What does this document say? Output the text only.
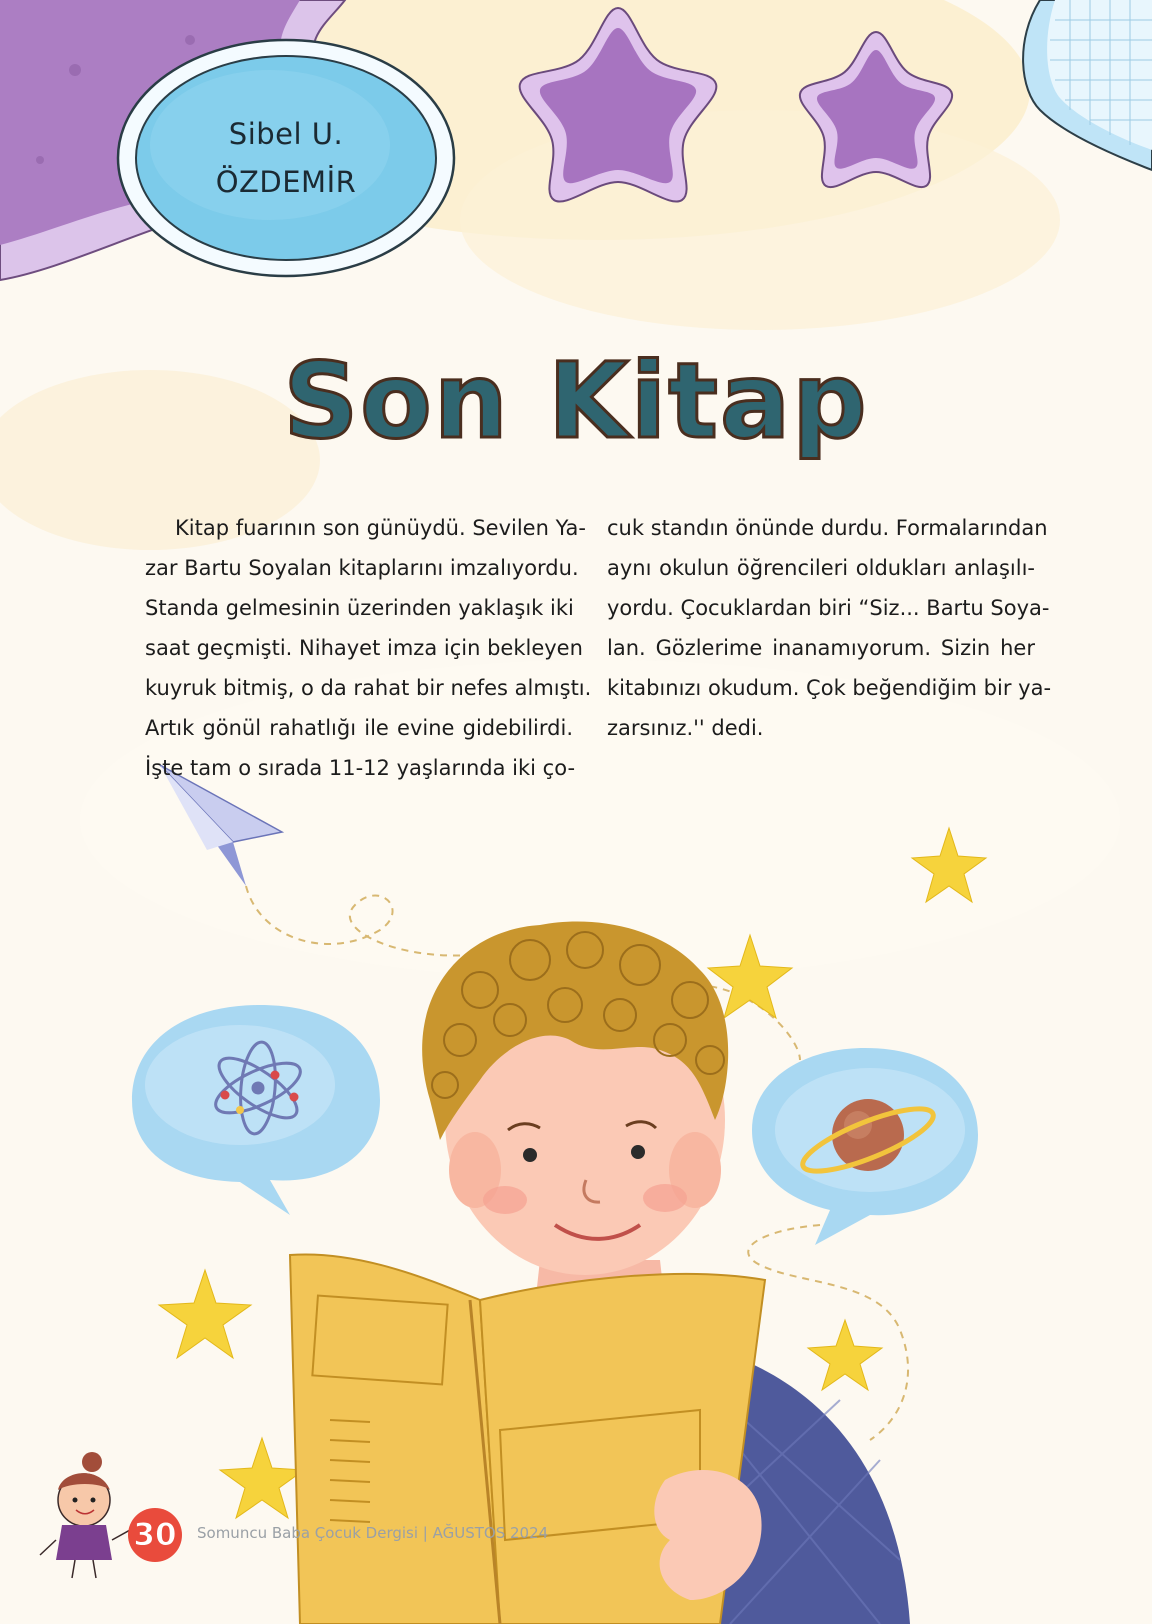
Sibel U.
ÖZDEMİR
Son Kitap

Kitap fuarının son günüydü. Sevilen Ya-

zar Bartu Soyalan kitaplarını imzalıyordu.

Standa gelmesinin üzerinden yaklaşık iki

saat geçmişti. Nihayet imza için bekleyen

kuyruk bitmiş, o da rahat bir nefes almıştı.

Artık gönül rahatlığı ile evine gidebilirdi.

İşte tam o sırada 11-12 yaşlarında iki ço-

cuk standın önünde durdu. Formalarından

aynı okulun öğrencileri oldukları anlaşılı-

yordu. Çocuklardan biri “Siz... Bartu Soya-

lan. Gözlerime inanamıyorum. Sizin her

kitabınızı okudum. Çok beğendiğim bir ya-

zarsınız.'' dedi.

30	Somuncu Baba Çocuk Dergisi | AĞUSTOS 2024
